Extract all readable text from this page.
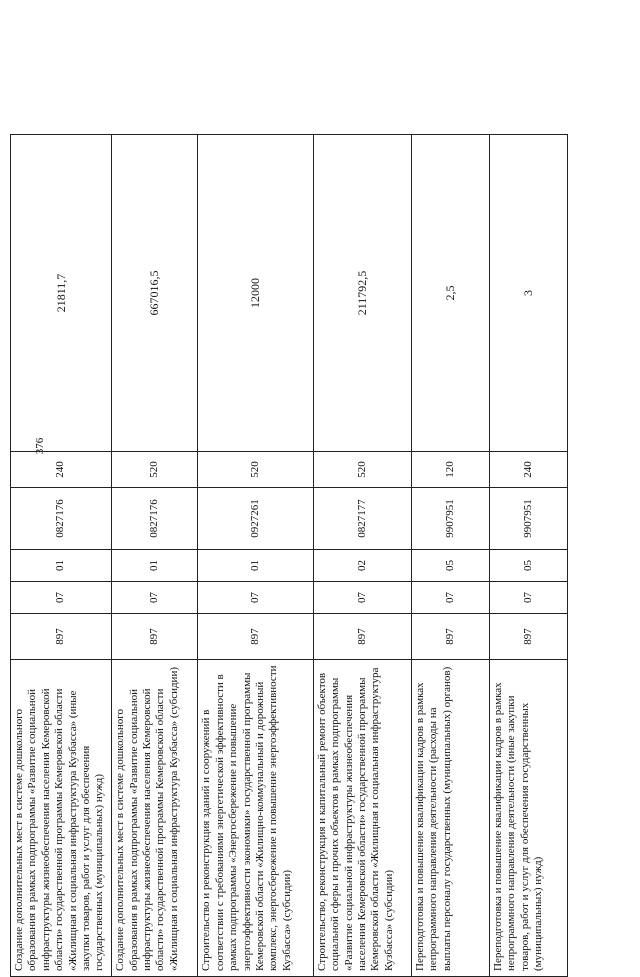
376
Создание дополнительных мест в системе дошкольного образования в рамках подпрограммы «Развитие социальной инфраструктуры жизнеобеспечения населения Кемеровской области» государственной программы Кемеровской области «Жилищная и социальная инфраструктура Кузбасса» (иные закупки товаров, работ и услуг для обеспечения государственных (муниципальных) нужд)	897	07	01	0827176	240	21811,7
Создание дополнительных мест в системе дошкольного образования в рамках подпрограммы «Развитие социальной инфраструктуры жизнеобеспечения населения Кемеровской области» государственной программы Кемеровской области «Жилищная и социальная инфраструктура Кузбасса» (субсидии)	897	07	01	0827176	520	667016,5
Строительство и реконструкция зданий и сооружений в соответствии с требованиями энергетической эффективности в рамках подпрограммы «Энергосбережение и повышение энергоэффективности экономики» государственной программы Кемеровской области «Жилищно-коммунальный и дорожный комплекс, энергосбережение и повышение энергоэффективности Кузбасса» (субсидии)	897	07	01	0927261	520	12000
Строительство, реконструкция и капитальный ремонт объектов социальной сферы и прочих объектов в рамках подпрограммы «Развитие социальной инфраструктуры жизнеобеспечения населения Кемеровской области» государственной программы Кемеровской области «Жилищная и социальная инфраструктура Кузбасса» (субсидии)	897	07	02	0827177	520	211792,5
Переподготовка и повышение квалификации кадров в рамках непрограммного направления деятельности (расходы на выплаты персоналу государственных (муниципальных) органов)	897	07	05	9907951	120	2,5
Переподготовка и повышение квалификации кадров в рамках непрограммного направления деятельности (иные закупки товаров, работ и услуг для обеспечения государственных (муниципальных) нужд)	897	07	05	9907951	240	3
